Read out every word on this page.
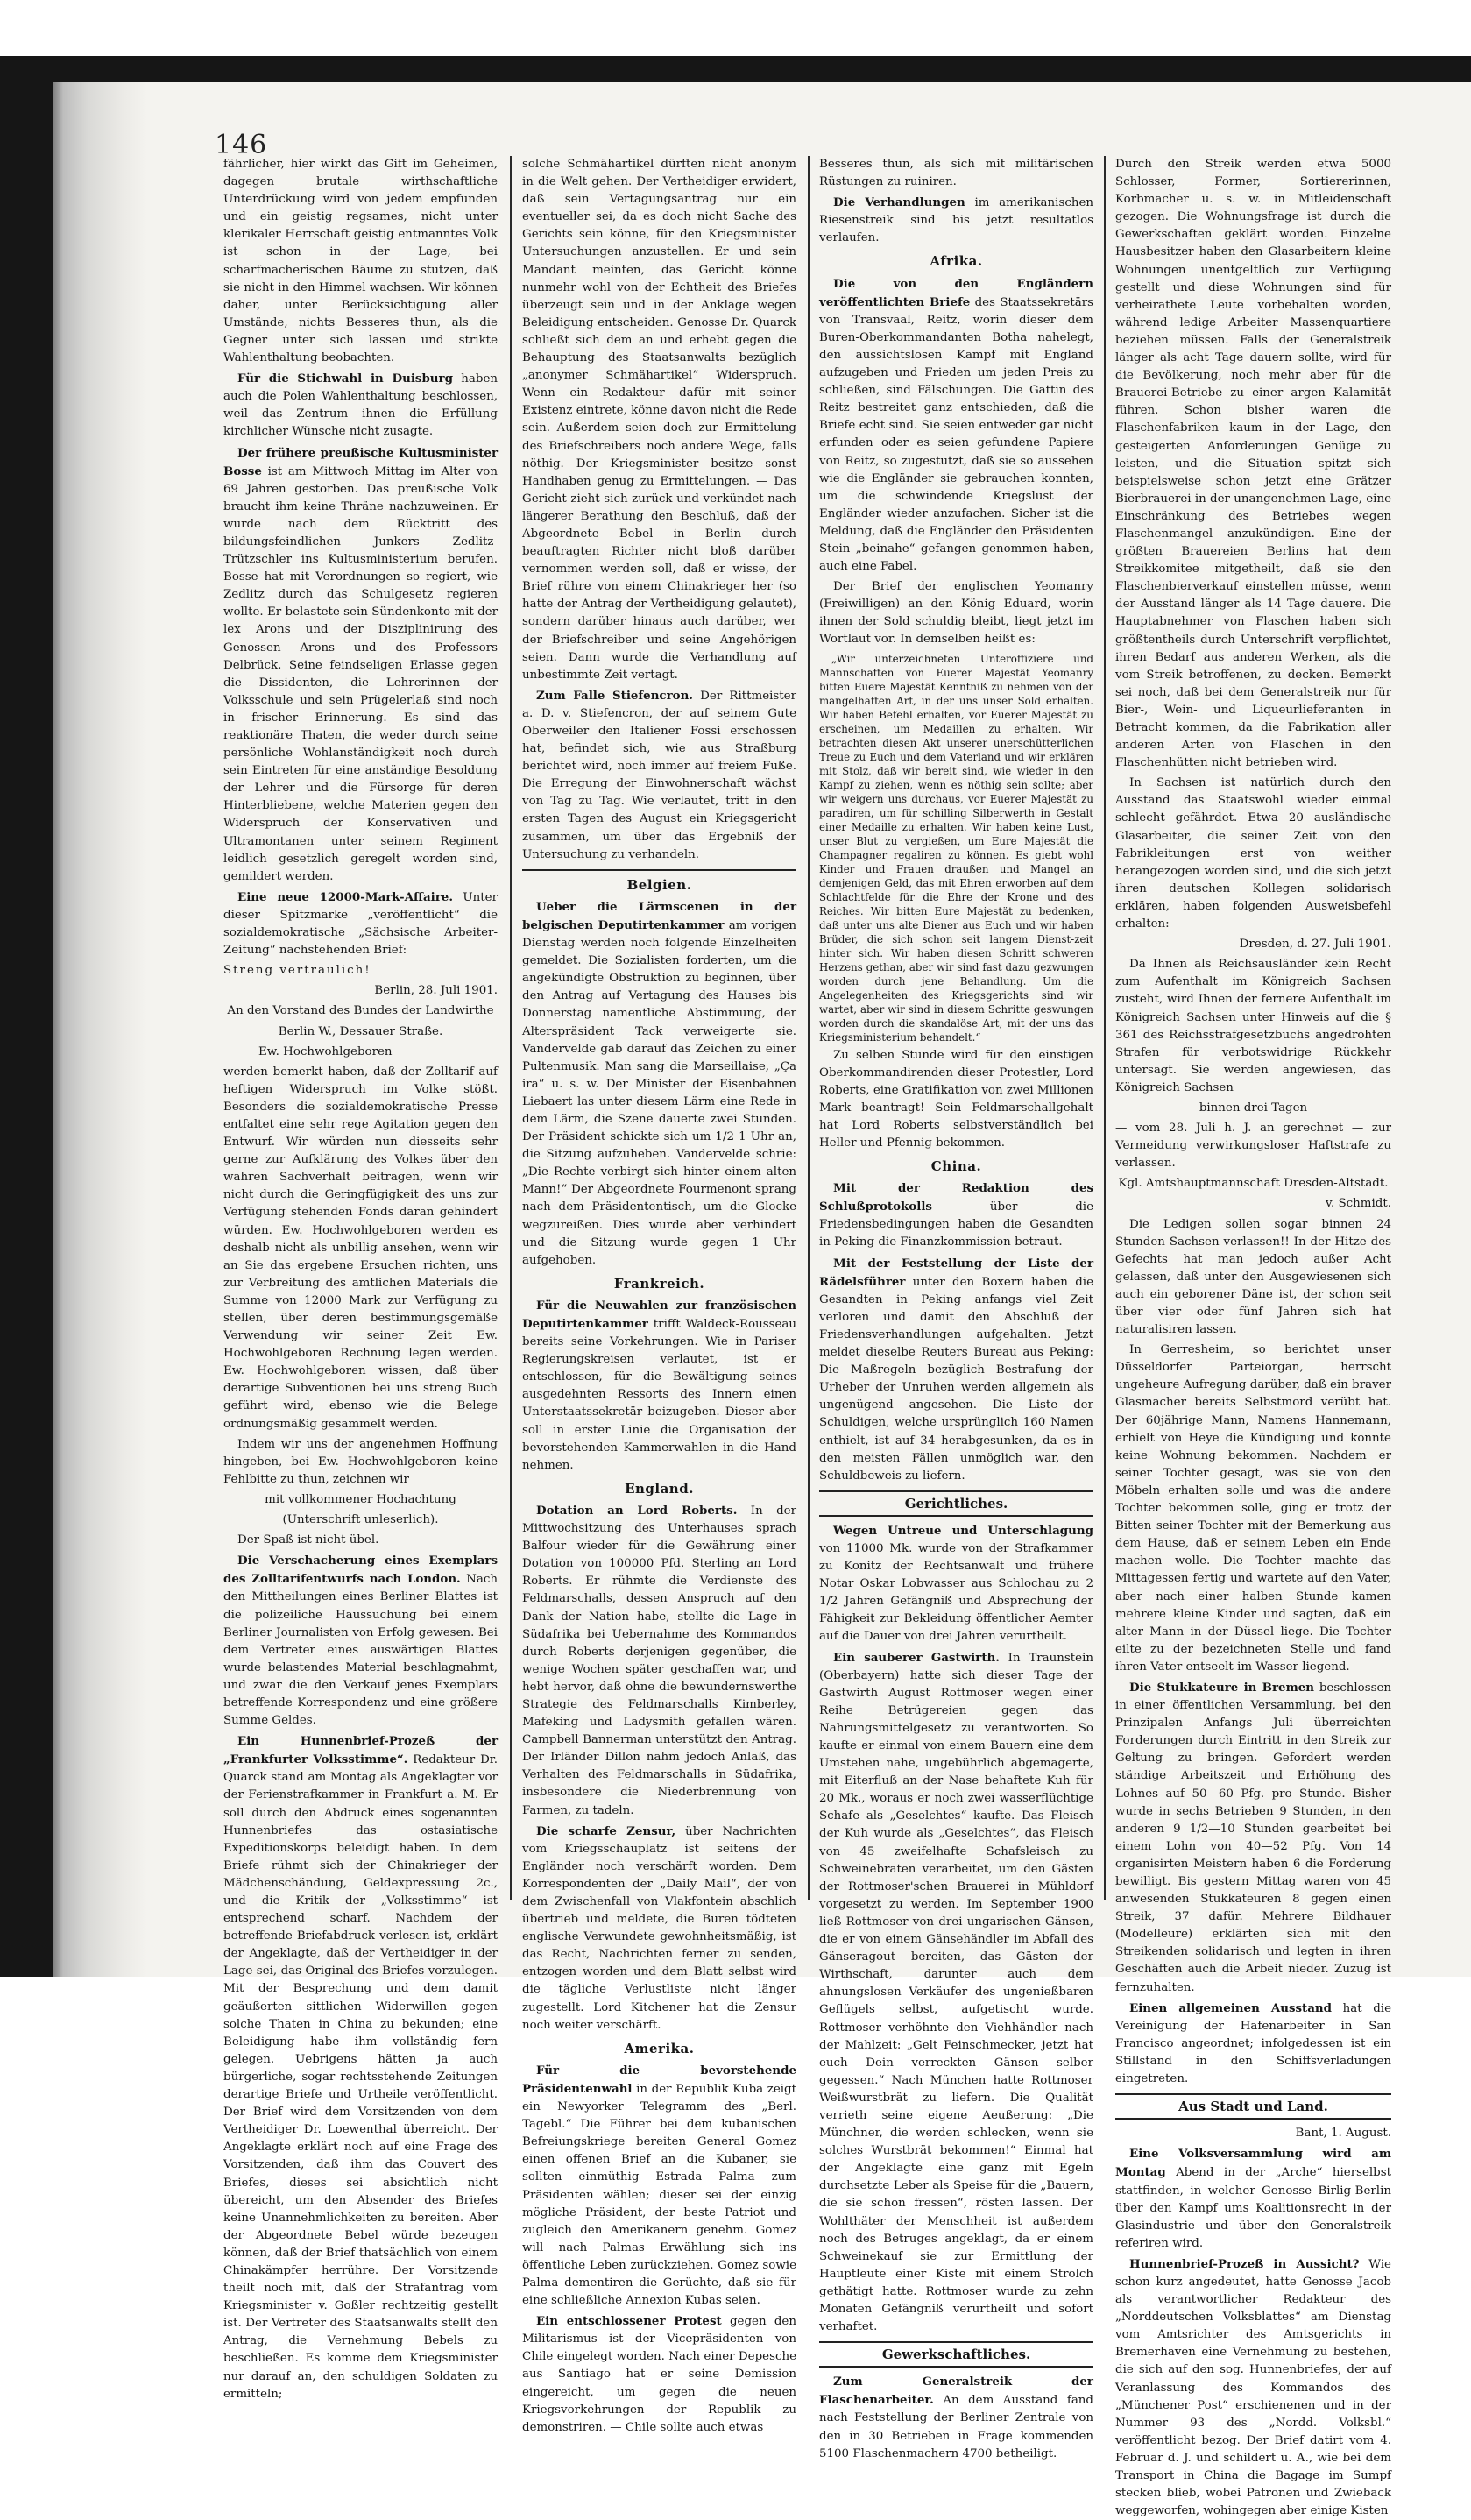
146

fährlicher, hier wirkt das Gift im Geheimen, dagegen brutale wirthschaftliche Unterdrückung wird von jedem empfunden und ein geistig regsames, nicht unter klerikaler Herrschaft geistig entmanntes Volk ist schon in der Lage, bei scharfmacherischen Bäume zu stutzen, daß sie nicht in den Himmel wachsen. Wir können daher, unter Berücksichtigung aller Umstände, nichts Besseres thun, als die Gegner unter sich lassen und strikte Wahlenthaltung beobachten.

Für die Stichwahl in Duisburg haben auch die Polen Wahlenthaltung beschlossen, weil das Zentrum ihnen die Erfüllung kirchlicher Wünsche nicht zusagte.

Der frühere preußische Kultusminister Bosse ist am Mittwoch Mittag im Alter von 69 Jahren gestorben. Das preußische Volk braucht ihm keine Thräne nachzuweinen. Er wurde nach dem Rücktritt des bildungsfeindlichen Junkers Zedlitz-Trützschler ins Kultusministerium berufen. Bosse hat mit Verordnungen so regiert, wie Zedlitz durch das Schulgesetz regieren wollte. Er belastete sein Sündenkonto mit der lex Arons und der Disziplinirung des Genossen Arons und des Professors Delbrück. Seine feindseligen Erlasse gegen die Dissidenten, die Lehrerinnen der Volksschule und sein Prügelerlaß sind noch in frischer Erinnerung. Es sind das reaktionäre Thaten, die weder durch seine persönliche Wohlanständigkeit noch durch sein Eintreten für eine anständige Besoldung der Lehrer und die Fürsorge für deren Hinterbliebene, welche Materien gegen den Widerspruch der Konservativen und Ultramontanen unter seinem Regiment leidlich gesetzlich geregelt worden sind, gemildert werden.

Eine neue 12000-Mark-Affaire. Unter dieser Spitzmarke „veröffentlicht“ die sozialdemokratische „Sächsische Arbeiter-Zeitung“ nachstehenden Brief:

Streng vertraulich!

Berlin, 28. Juli 1901.

An den Vorstand des Bundes der Landwirthe

Berlin W., Dessauer Straße.

Ew. Hochwohlgeboren

werden bemerkt haben, daß der Zolltarif auf heftigen Widerspruch im Volke stößt. Besonders die sozialdemokratische Presse entfaltet eine sehr rege Agitation gegen den Entwurf. Wir würden nun diesseits sehr gerne zur Aufklärung des Volkes über den wahren Sachverhalt beitragen, wenn wir nicht durch die Geringfügigkeit des uns zur Verfügung stehenden Fonds daran gehindert würden. Ew. Hochwohlgeboren werden es deshalb nicht als unbillig ansehen, wenn wir an Sie das ergebene Ersuchen richten, uns zur Verbreitung des amtlichen Materials die Summe von 12000 Mark zur Verfügung zu stellen, über deren bestimmungsgemäße Verwendung wir seiner Zeit Ew. Hochwohlgeboren Rechnung legen werden. Ew. Hochwohlgeboren wissen, daß über derartige Subventionen bei uns streng Buch geführt wird, ebenso wie die Belege ordnungsmäßig gesammelt werden.

Indem wir uns der angenehmen Hoffnung hingeben, bei Ew. Hochwohlgeboren keine Fehlbitte zu thun, zeichnen wir

mit vollkommener Hochachtung

(Unterschrift unleserlich).

Der Spaß ist nicht übel.

Die Verschacherung eines Exemplars des Zolltarifentwurfs nach London. Nach den Mittheilungen eines Berliner Blattes ist die polizeiliche Haussuchung bei einem Berliner Journalisten von Erfolg gewesen. Bei dem Vertreter eines auswärtigen Blattes wurde belastendes Material beschlagnahmt, und zwar die den Verkauf jenes Exemplars betreffende Korrespondenz und eine größere Summe Geldes.

Ein Hunnenbrief-Prozeß der „Frankfurter Volksstimme“. Redakteur Dr. Quarck stand am Montag als Angeklagter vor der Ferienstrafkammer in Frankfurt a. M. Er soll durch den Abdruck eines sogenannten Hunnenbriefes das ostasiatische Expeditionskorps beleidigt haben. In dem Briefe rühmt sich der Chinakrieger der Mädchenschändung, Geldexpressung 2c., und die Kritik der „Volksstimme“ ist entsprechend scharf. Nachdem der betreffende Briefabdruck verlesen ist, erklärt der Angeklagte, daß der Vertheidiger in der Lage sei, das Original des Briefes vorzulegen. Mit der Besprechung und dem damit geäußerten sittlichen Widerwillen gegen solche Thaten in China zu bekunden; eine Beleidigung habe ihm vollständig fern gelegen. Uebrigens hätten ja auch bürgerliche, sogar rechtsstehende Zeitungen derartige Briefe und Urtheile veröffentlicht. Der Brief wird dem Vorsitzenden von dem Vertheidiger Dr. Loewenthal überreicht. Der Angeklagte erklärt noch auf eine Frage des Vorsitzenden, daß ihm das Couvert des Briefes, dieses sei absichtlich nicht übereicht, um den Absender des Briefes keine Unannehmlichkeiten zu bereiten. Aber der Abgeordnete Bebel würde bezeugen können, daß der Brief thatsächlich von einem Chinakämpfer herrühre. Der Vorsitzende theilt noch mit, daß der Strafantrag vom Kriegsminister v. Goßler rechtzeitig gestellt ist. Der Vertreter des Staatsanwalts stellt den Antrag, die Vernehmung Bebels zu beschließen. Es komme dem Kriegsminister nur darauf an, den schuldigen Soldaten zu ermitteln;

solche Schmähartikel dürften nicht anonym in die Welt gehen. Der Vertheidiger erwidert, daß sein Vertagungsantrag nur ein eventueller sei, da es doch nicht Sache des Gerichts sein könne, für den Kriegsminister Untersuchungen anzustellen. Er und sein Mandant meinten, das Gericht könne nunmehr wohl von der Echtheit des Briefes überzeugt sein und in der Anklage wegen Beleidigung entscheiden. Genosse Dr. Quarck schließt sich dem an und erhebt gegen die Behauptung des Staatsanwalts bezüglich „anonymer Schmähartikel“ Widerspruch. Wenn ein Redakteur dafür mit seiner Existenz eintrete, könne davon nicht die Rede sein. Außerdem seien doch zur Ermittelung des Briefschreibers noch andere Wege, falls nöthig. Der Kriegsminister besitze sonst Handhaben genug zu Ermittelungen. — Das Gericht zieht sich zurück und verkündet nach längerer Berathung den Beschluß, daß der Abgeordnete Bebel in Berlin durch beauftragten Richter nicht bloß darüber vernommen werden soll, daß er wisse, der Brief rühre von einem Chinakrieger her (so hatte der Antrag der Vertheidigung gelautet), sondern darüber hinaus auch darüber, wer der Briefschreiber und seine Angehörigen seien. Dann wurde die Verhandlung auf unbestimmte Zeit vertagt.

Zum Falle Stiefencron. Der Rittmeister a. D. v. Stiefencron, der auf seinem Gute Oberweiler den Italiener Fossi erschossen hat, befindet sich, wie aus Straßburg berichtet wird, noch immer auf freiem Fuße. Die Erregung der Einwohnerschaft wächst von Tag zu Tag. Wie verlautet, tritt in den ersten Tagen des August ein Kriegsgericht zusammen, um über das Ergebniß der Untersuchung zu verhandeln.

Belgien.

Ueber die Lärmscenen in der belgischen Deputirtenkammer am vorigen Dienstag werden noch folgende Einzelheiten gemeldet. Die Sozialisten forderten, um die angekündigte Obstruktion zu beginnen, über den Antrag auf Vertagung des Hauses bis Donnerstag namentliche Abstimmung, der Alterspräsident Tack verweigerte sie. Vandervelde gab darauf das Zeichen zu einer Pultenmusik. Man sang die Marseillaise, „Ça ira“ u. s. w. Der Minister der Eisenbahnen Liebaert las unter diesem Lärm eine Rede in dem Lärm, die Szene dauerte zwei Stunden. Der Präsident schickte sich um 1/2 1 Uhr an, die Sitzung aufzuheben. Vandervelde schrie: „Die Rechte verbirgt sich hinter einem alten Mann!“ Der Abgeordnete Fourmenont sprang nach dem Präsidententisch, um die Glocke wegzureißen. Dies wurde aber verhindert und die Sitzung wurde gegen 1 Uhr aufgehoben.

Frankreich.

Für die Neuwahlen zur französischen Deputirtenkammer trifft Waldeck-Rousseau bereits seine Vorkehrungen. Wie in Pariser Regierungskreisen verlautet, ist er entschlossen, für die Bewältigung seines ausgedehnten Ressorts des Innern einen Unterstaatssekretär beizugeben. Dieser aber soll in erster Linie die Organisation der bevorstehenden Kammerwahlen in die Hand nehmen.

England.

Dotation an Lord Roberts. In der Mittwochsitzung des Unterhauses sprach Balfour wieder für die Gewährung einer Dotation von 100000 Pfd. Sterling an Lord Roberts. Er rühmte die Verdienste des Feldmarschalls, dessen Anspruch auf den Dank der Nation habe, stellte die Lage in Südafrika bei Uebernahme des Kommandos durch Roberts derjenigen gegenüber, die wenige Wochen später geschaffen war, und hebt hervor, daß ohne die bewundernswerthe Strategie des Feldmarschalls Kimberley, Mafeking und Ladysmith gefallen wären. Campbell Bannerman unterstützt den Antrag. Der Irländer Dillon nahm jedoch Anlaß, das Verhalten des Feldmarschalls in Südafrika, insbesondere die Niederbrennung von Farmen, zu tadeln.

Die scharfe Zensur, über Nachrichten vom Kriegsschauplatz ist seitens der Engländer noch verschärft worden. Dem Korrespondenten der „Daily Mail“, der von dem Zwischenfall von Vlakfontein abschlich übertrieb und meldete, die Buren tödteten englische Verwundete gewohnheitsmäßig, ist das Recht, Nachrichten ferner zu senden, entzogen worden und dem Blatt selbst wird die tägliche Verlustliste nicht länger zugestellt. Lord Kitchener hat die Zensur noch weiter verschärft.

Amerika.

Für die bevorstehende Präsidentenwahl in der Republik Kuba zeigt ein Newyorker Telegramm des „Berl. Tagebl.“ Die Führer bei dem kubanischen Befreiungskriege bereiten General Gomez einen offenen Brief an die Kubaner, sie sollten einmüthig Estrada Palma zum Präsidenten wählen; dieser sei der einzig mögliche Präsident, der beste Patriot und zugleich den Amerikanern genehm. Gomez will nach Palmas Erwählung sich ins öffentliche Leben zurückziehen. Gomez sowie Palma dementiren die Gerüchte, daß sie für eine schließliche Annexion Kubas seien.

Ein entschlossener Protest gegen den Militarismus ist der Vicepräsidenten von Chile eingelegt worden. Nach einer Depesche aus Santiago hat er seine Demission eingereicht, um gegen die neuen Kriegsvorkehrungen der Republik zu demonstriren. — Chile sollte auch etwas

Besseres thun, als sich mit militärischen Rüstungen zu ruiniren.

Die Verhandlungen im amerikanischen Riesenstreik sind bis jetzt resultatlos verlaufen.

Afrika.

Die von den Engländern veröffentlichten Briefe des Staatssekretärs von Transvaal, Reitz, worin dieser dem Buren-Oberkommandanten Botha nahelegt, den aussichtslosen Kampf mit England aufzugeben und Frieden um jeden Preis zu schließen, sind Fälschungen. Die Gattin des Reitz bestreitet ganz entschieden, daß die Briefe echt sind. Sie seien entweder gar nicht erfunden oder es seien gefundene Papiere von Reitz, so zugestutzt, daß sie so aussehen wie die Engländer sie gebrauchen konnten, um die schwindende Kriegslust der Engländer wieder anzufachen. Sicher ist die Meldung, daß die Engländer den Präsidenten Stein „beinahe“ gefangen genommen haben, auch eine Fabel.

Der Brief der englischen Yeomanry (Freiwilligen) an den König Eduard, worin ihnen der Sold schuldig bleibt, liegt jetzt im Wortlaut vor. In demselben heißt es:

„Wir unterzeichneten Unteroffiziere und Mannschaften von Euerer Majestät Yeomanry bitten Euere Majestät Kenntniß zu nehmen von der mangelhaften Art, in der uns unser Sold erhalten. Wir haben Befehl erhalten, vor Euerer Majestät zu erscheinen, um Medaillen zu erhalten. Wir betrachten diesen Akt unserer unerschütterlichen Treue zu Euch und dem Vaterland und wir erklären mit Stolz, daß wir bereit sind, wie wieder in den Kampf zu ziehen, wenn es nöthig sein sollte; aber wir weigern uns durchaus, vor Euerer Majestät zu paradiren, um für schilling Silberwerth in Gestalt einer Medaille zu erhalten. Wir haben keine Lust, unser Blut zu vergießen, um Eure Majestät die Champagner regaliren zu können. Es giebt wohl Kinder und Frauen draußen und Mangel an demjenigen Geld, das mit Ehren erworben auf dem Schlachtfelde für die Ehre der Krone und des Reiches. Wir bitten Eure Majestät zu bedenken, daß unter uns alte Diener aus Euch und wir haben Brüder, die sich schon seit langem Dienst-zeit hinter sich. Wir haben diesen Schritt schweren Herzens gethan, aber wir sind fast dazu gezwungen worden durch jene Behandlung. Um die Angelegenheiten des Kriegsgerichts sind wir wartet, aber wir sind in diesem Schritte geswungen worden durch die skandalöse Art, mit der uns das Kriegsministerium behandelt.“

Zu selben Stunde wird für den einstigen Oberkommandirenden dieser Protestler, Lord Roberts, eine Gratifikation von zwei Millionen Mark beantragt! Sein Feldmarschallgehalt hat Lord Roberts selbstverständlich bei Heller und Pfennig bekommen.

China.

Mit der Redaktion des Schlußprotokolls	über die Friedensbedingungen haben die Gesandten in Peking die Finanzkommission betraut.

Mit der Feststellung der Liste der Rädelsführer unter den Boxern haben die Gesandten in Peking anfangs viel Zeit verloren und damit den Abschluß der Friedensverhandlungen aufgehalten. Jetzt meldet dieselbe Reuters Bureau aus Peking: Die Maßregeln bezüglich Bestrafung der Urheber der Unruhen werden allgemein als ungenügend angesehen. Die Liste der Schuldigen, welche ursprünglich 160 Namen enthielt, ist auf 34 herabgesunken, da es in den meisten Fällen unmöglich war, den Schuldbeweis zu liefern.

Gerichtliches.

Wegen Untreue und Unterschlagung von 11000 Mk. wurde von der Strafkammer zu Konitz der Rechtsanwalt und frühere Notar Oskar Lobwasser aus Schlochau zu 2 1/2 Jahren Gefängniß und Absprechung der Fähigkeit zur Bekleidung öffentlicher Aemter auf die Dauer von drei Jahren verurtheilt.

Ein sauberer Gastwirth. In Traunstein (Oberbayern) hatte sich dieser Tage der Gastwirth August Rottmoser wegen einer Reihe Betrügereien gegen das Nahrungsmittelgesetz zu verantworten. So kaufte er einmal von einem Bauern eine dem Umstehen nahe, ungebührlich abgemagerte, mit Eiterfluß an der Nase behaftete Kuh für 20 Mk., woraus er noch zwei wasserflüchtige Schafe als „Geselchtes“ kaufte. Das Fleisch der Kuh wurde als „Geselchtes“, das Fleisch von 45 zweifelhafte Schafsleisch zu Schweinebraten verarbeitet, um den Gästen der Rottmoser'schen Brauerei in Mühldorf vorgesetzt zu werden. Im September 1900 ließ Rottmoser von drei ungarischen Gänsen, die er von einem Gänsehändler im Abfall des Gänseragout bereiten, das Gästen der Wirthschaft, darunter auch dem ahnungslosen Verkäufer des ungenießbaren Geflügels selbst, aufgetischt wurde. Rottmoser verhöhnte den Viehhändler nach der Mahlzeit: „Gelt Feinschmecker, jetzt hat euch Dein verreckten Gänsen selber gegessen.“ Nach München hatte Rottmoser Weißwurstbrät zu liefern. Die Qualität verrieth seine eigene Aeußerung: „Die Münchner, die werden schlecken, wenn sie solches Wurstbrät bekommen!“ Einmal hat der Angeklagte eine ganz mit Egeln durchsetzte Leber als Speise für die „Bauern, die sie schon fressen“, rösten lassen. Der Wohlthäter der Menschheit ist außerdem noch des Betruges angeklagt, da er einem Schweinekauf sie zur Ermittlung der Hauptleute einer Kiste mit einem Strolch gethätigt hatte. Rottmoser wurde zu zehn Monaten Gefängniß verurtheilt und sofort verhaftet.

Gewerkschaftliches.

Zum Generalstreik der Flaschenarbeiter. An dem Ausstand fand nach Feststellung der Berliner Zentrale von den in 30 Betrieben in Frage kommenden 5100 Flaschenmachern 4700 betheiligt.

Durch den Streik werden etwa 5000 Schlosser, Former, Sortiererinnen, Korbmacher u. s. w. in Mitleidenschaft gezogen. Die Wohnungsfrage ist durch die Gewerkschaften geklärt worden. Einzelne Hausbesitzer haben den Glasarbeitern kleine Wohnungen unentgeltlich zur Verfügung gestellt und diese Wohnungen sind für verheirathete Leute vorbehalten worden, während ledige Arbeiter Massenquartiere beziehen müssen. Falls der Generalstreik länger als acht Tage dauern sollte, wird für die Bevölkerung, noch mehr aber für die Brauerei-Betriebe zu einer argen Kalamität führen. Schon bisher waren die Flaschenfabriken kaum in der Lage, den gesteigerten Anforderungen Genüge zu leisten, und die Situation spitzt sich beispielsweise schon jetzt eine Grätzer Bierbrauerei in der unangenehmen Lage, eine Einschränkung des Betriebes wegen Flaschenmangel anzukündigen. Eine der größten Brauereien Berlins hat dem Streikkomitee mitgetheilt, daß sie den Flaschenbierverkauf einstellen müsse, wenn der Ausstand länger als 14 Tage dauere. Die Hauptabnehmer von Flaschen haben sich größtentheils durch Unterschrift verpflichtet, ihren Bedarf aus anderen Werken, als die vom Streik betroffenen, zu decken. Bemerkt sei noch, daß bei dem Generalstreik nur für Bier-, Wein- und Liqueurlieferanten in Betracht kommen, da die Fabrikation aller anderen Arten von Flaschen in den Flaschenhütten nicht betrieben wird.

In Sachsen ist natürlich durch den Ausstand das Staatswohl wieder einmal schlecht gefährdet. Etwa 20 ausländische Glasarbeiter, die seiner Zeit von den Fabrikleitungen erst von weither herangezogen worden sind, und die sich jetzt ihren deutschen Kollegen solidarisch erklären, haben folgenden Ausweisbefehl erhalten:

Dresden, d. 27. Juli 1901.

Da Ihnen als Reichsausländer kein Recht zum Aufenthalt im Königreich Sachsen zusteht, wird Ihnen der fernere Aufenthalt im Königreich Sachsen unter Hinweis auf die § 361 des Reichsstrafgesetzbuchs angedrohten Strafen für verbotswidrige Rückkehr untersagt. Sie werden angewiesen, das Königreich Sachsen

binnen drei Tagen

— vom 28. Juli h. J. an gerechnet — zur Vermeidung verwirkungsloser Haftstrafe zu verlassen.

Kgl. Amtshauptmannschaft Dresden-Altstadt.

v. Schmidt.

Die Ledigen sollen sogar binnen 24 Stunden Sachsen verlassen!! In der Hitze des Gefechts hat man jedoch außer Acht gelassen, daß unter den Ausgewiesenen sich auch ein geborener Däne ist, der schon seit über vier oder fünf Jahren sich hat naturalisiren lassen.

In Gerresheim, so berichtet unser Düsseldorfer Parteiorgan, herrscht ungeheure Aufregung darüber, daß ein braver Glasmacher bereits Selbstmord verübt hat. Der 60jährige Mann, Namens Hannemann, erhielt von Heye die Kündigung und konnte keine Wohnung bekommen. Nachdem er seiner Tochter gesagt, was sie von den Möbeln erhalten solle und was die andere Tochter bekommen solle, ging er trotz der Bitten seiner Tochter mit der Bemerkung aus dem Hause, daß er seinem Leben ein Ende machen wolle. Die Tochter machte das Mittagessen fertig und wartete auf den Vater, aber nach einer halben Stunde kamen mehrere kleine Kinder und sagten, daß ein alter Mann in der Düssel liege. Die Tochter eilte zu der bezeichneten Stelle und fand ihren Vater entseelt im Wasser liegend.

Die Stukkateure in Bremen beschlossen in einer öffentlichen Versammlung, bei den Prinzipalen Anfangs Juli überreichten Forderungen durch Eintritt in den Streik zur Geltung zu bringen. Gefordert werden ständige Arbeitszeit und Erhöhung des Lohnes auf 50—60 Pfg. pro Stunde. Bisher wurde in sechs Betrieben 9 Stunden, in den anderen 9 1/2—10 Stunden gearbeitet bei einem Lohn von 40—52 Pfg. Von 14 organisirten Meistern haben 6 die Forderung bewilligt. Bis gestern Mittag waren von 45 anwesenden Stukkateuren 8 gegen einen Streik, 37 dafür. Mehrere Bildhauer (Modelleure) erklärten sich mit den Streikenden solidarisch und legten in ihren Geschäften auch die Arbeit nieder. Zuzug ist fernzuhalten.

Einen allgemeinen Ausstand hat die Vereinigung der Hafenarbeiter in San Francisco angeordnet; infolgedessen ist ein Stillstand in den Schiffsverladungen eingetreten.

Aus Stadt und Land.

Bant, 1. August.

Eine Volksversammlung wird am Montag Abend in der „Arche“ hierselbst stattfinden, in welcher Genosse Birlig-Berlin über den Kampf ums Koalitionsrecht in der Glasindustrie und über den Generalstreik referiren wird.

Hunnenbrief-Prozeß in Aussicht? Wie schon kurz angedeutet, hatte Genosse Jacob als verantwortlicher Redakteur des „Norddeutschen Volksblattes“ am Dienstag vom Amtsrichter des Amtsgerichts in Bremerhaven eine Vernehmung zu bestehen, die sich auf den sog. Hunnenbriefes, der auf Veranlassung des Kommandos des „Münchener Post“ erschienenen und in der Nummer 93 des „Nordd. Volksbl.“ veröffentlicht bezog. Der Brief datirt vom 4. Februar d. J. und schildert u. A., wie bei dem Transport in China die Bagage im Sumpf stecken blieb, wobei Patronen und Zwieback weggeworfen, wohingegen aber einige Kisten
